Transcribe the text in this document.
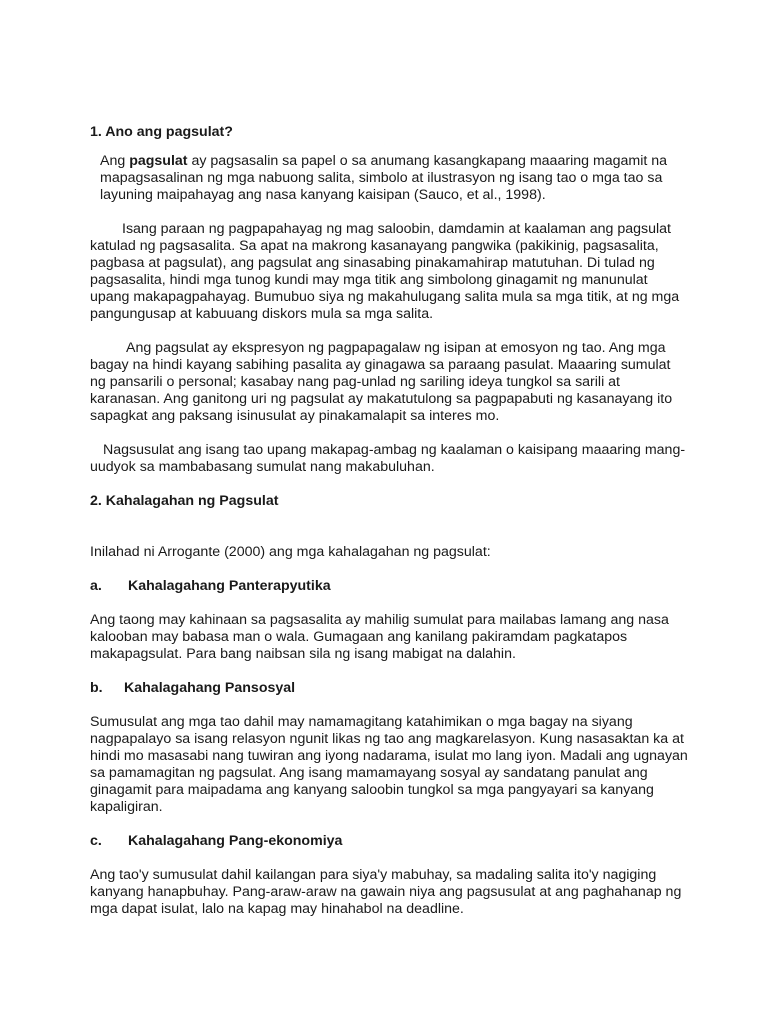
1. Ano ang pagsulat?

Ang pagsulat ay pagsasalin sa papel o sa anumang kasangkapang maaaring magamit na mapagsasalinan ng mga nabuong salita, simbolo at ilustrasyon ng isang tao o mga tao sa layuning maipahayag ang nasa kanyang kaisipan (Sauco, et al., 1998).

Isang paraan ng pagpapahayag ng mag saloobin, damdamin at kaalaman ang pagsulat katulad ng pagsasalita. Sa apat na makrong kasanayang pangwika (pakikinig, pagsasalita, pagbasa at pagsulat), ang pagsulat ang sinasabing pinakamahirap matutuhan. Di tulad ng pagsasalita, hindi mga tunog kundi may mga titik ang simbolong ginagamit ng manunulat upang makapagpahayag. Bumubuo siya ng makahulugang salita mula sa mga titik, at ng mga pangungusap at kabuuang diskors mula sa mga salita.

Ang pagsulat ay ekspresyon ng pagpapagalaw ng isipan at emosyon ng tao. Ang mga bagay na hindi kayang sabihing pasalita ay ginagawa sa paraang pasulat. Maaaring sumulat ng pansarili o personal; kasabay nang pag-unlad ng sariling ideya tungkol sa sarili at karanasan. Ang ganitong uri ng pagsulat ay makatutulong sa pagpapabuti ng kasanayang ito sapagkat ang paksang isinusulat ay pinakamalapit sa interes mo.

Nagsusulat ang isang tao upang makapag-ambag ng kaalaman o kaisipang maaaring mang-uudyok sa mambabasang sumulat nang makabuluhan.

2. Kahalagahan ng Pagsulat

Inilahad ni Arrogante (2000) ang mga kahalagahan ng pagsulat:

a. Kahalagahang Panterapyutika

Ang taong may kahinaan sa pagsasalita ay mahilig sumulat para mailabas lamang ang nasa kalooban may babasa man o wala. Gumagaan ang kanilang pakiramdam pagkatapos makapagsulat. Para bang naibsan sila ng isang mabigat na dalahin.

b. Kahalagahang Pansosyal

Sumusulat ang mga tao dahil may namamagitang katahimikan o mga bagay na siyang nagpapalayo sa isang relasyon ngunit likas ng tao ang magkarelasyon. Kung nasasaktan ka at hindi mo masasabi nang tuwiran ang iyong nadarama, isulat mo lang iyon. Madali ang ugnayan sa pamamagitan ng pagsulat. Ang isang mamamayang sosyal ay sandatang panulat ang ginagamit para maipadama ang kanyang saloobin tungkol sa mga pangyayari sa kanyang kapaligiran.

c. Kahalagahang Pang-ekonomiya

Ang tao'y sumusulat dahil kailangan para siya'y mabuhay, sa madaling salita ito'y nagiging kanyang hanapbuhay. Pang-araw-araw na gawain niya ang pagsusulat at ang paghahanap ng mga dapat isulat, lalo na kapag may hinahabol na deadline.
